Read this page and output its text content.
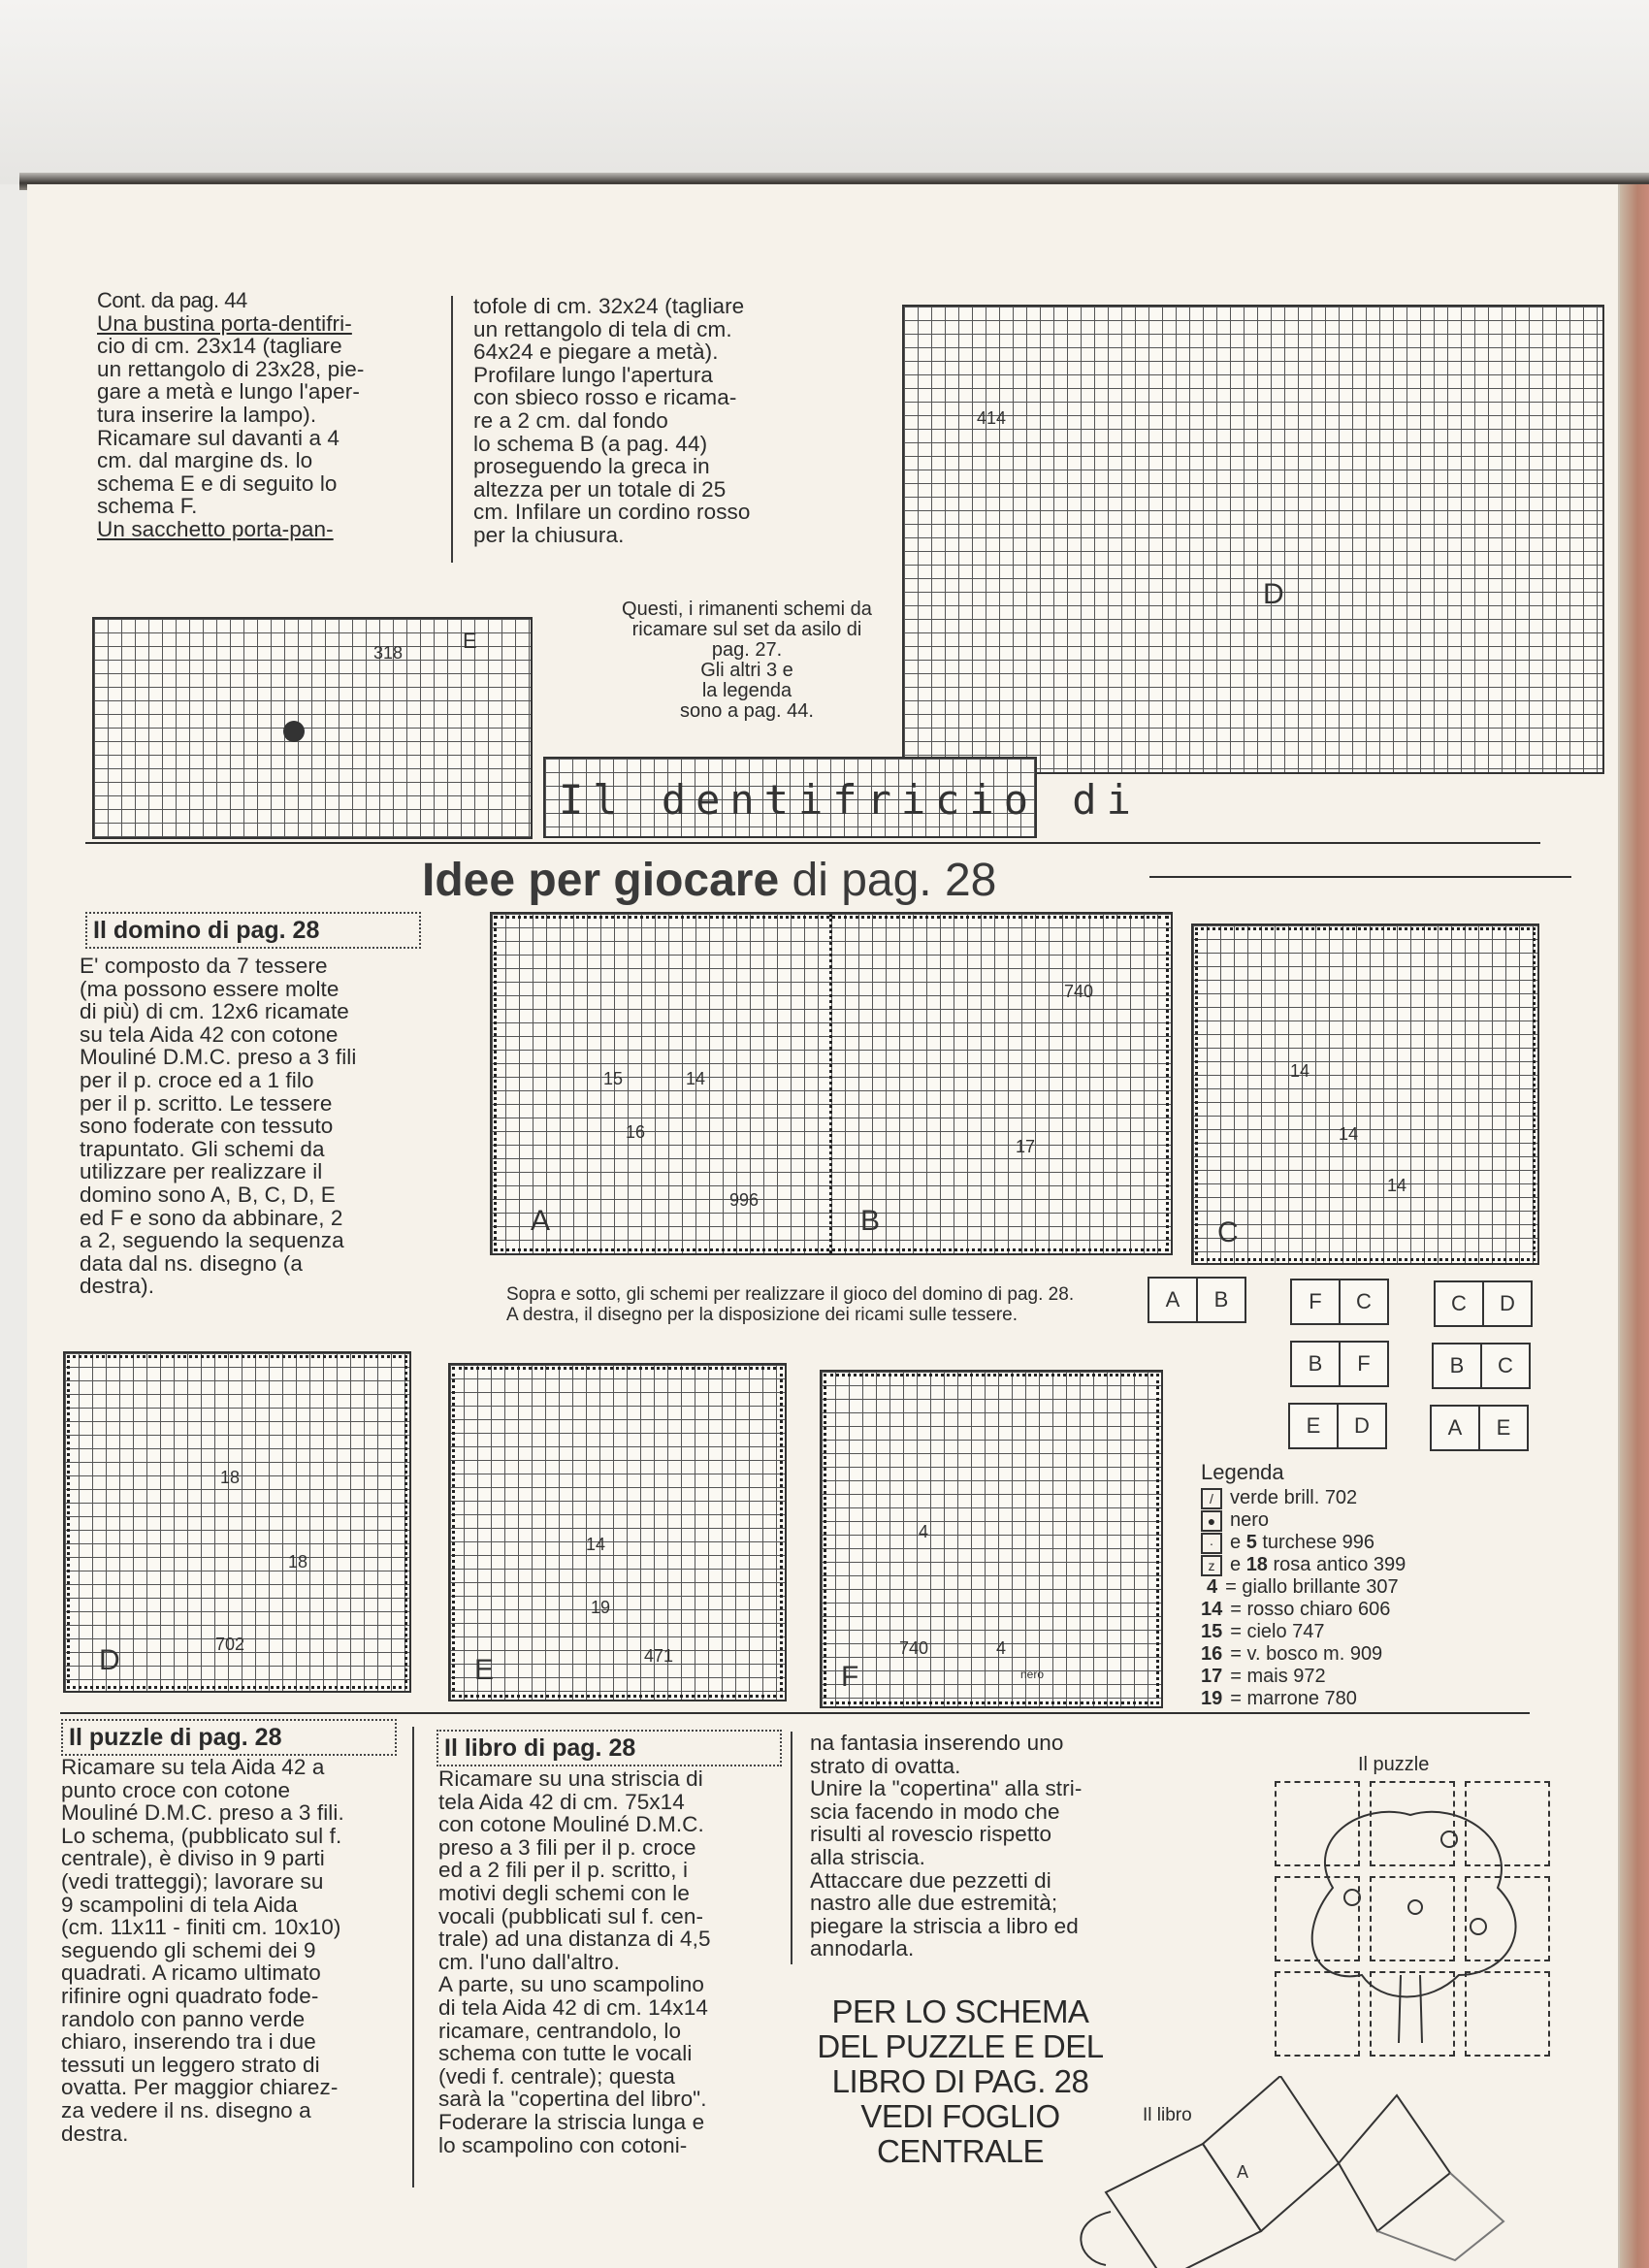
Cont. da pag. 44
Una bustina porta-dentifri-
cio di cm. 23x14 (tagliare
un rettangolo di 23x28, pie-
gare a metà e lungo l'aper-
tura inserire la lampo).
Ricamare sul davanti a 4
cm. dal margine ds. lo
schema E e di seguito lo
schema F.
Un sacchetto porta-pan-
tofole di cm. 32x24 (tagliare
un rettangolo di tela di cm.
64x24 e piegare a metà).
Profilare lungo l'apertura
con sbieco rosso e ricama-
re a 2 cm. dal fondo
lo schema B (a pag. 44)
proseguendo la greca in
altezza per un totale di 25
cm. Infilare un cordino rosso
per la chiusura.
Questi, i rimanenti schemi da
ricamare sul set da asilo di
pag. 27.
Gli altri 3 e
la legenda
sono a pag. 44.
318	E
414
D
Il dentifricio di
Idee per giocare di pag. 28
Il domino di pag. 28
E' composto da 7 tessere
(ma possono essere molte
di più) di cm. 12x6 ricamate
su tela Aida 42 con cotone
Mouliné D.M.C. preso a 3 fili
per il p. croce ed a 1 filo
per il p. scritto. Le tessere
sono foderate con tessuto
trapuntato. Gli schemi da
utilizzare per realizzare il
domino sono A, B, C, D, E
ed F e sono da abbinare, 2
a 2, seguendo la sequenza
data dal ns. disegno (a
destra).
A
15	14
16
996
B
740
17
C
14
14
14
Sopra e sotto, gli schemi per realizzare il gioco del domino di pag. 28.
A destra, il disegno per la disposizione dei ricami sulle tessere.
A	B	F	C	C	D
B	F	B	C
E	D	A	E
D
18
18
702
E
14
19
471
F
4
4
740
nero
Legenda
/ verde brill. 702
● nero
· e 5 turchese 996
z e 18 rosa antico 399
4 = giallo brillante 307
14 = rosso chiaro 606
15 = cielo 747
16 = v. bosco m. 909
17 = mais 972
19 = marrone 780
Il puzzle di pag. 28
Ricamare su tela Aida 42 a
punto croce con cotone
Mouliné D.M.C. preso a 3 fili.
Lo schema, (pubblicato sul f.
centrale), è diviso in 9 parti
(vedi tratteggi); lavorare su
9 scampolini di tela Aida
(cm. 11x11 - finiti cm. 10x10)
seguendo gli schemi dei 9
quadrati. A ricamo ultimato
rifinire ogni quadrato fode-
randolo con panno verde
chiaro, inserendo tra i due
tessuti un leggero strato di
ovatta. Per maggior chiarez-
za vedere il ns. disegno a
destra.
Il libro di pag. 28
Ricamare su una striscia di
tela Aida 42 di cm. 75x14
con cotone Mouliné D.M.C.
preso a 3 fili per il p. croce
ed a 2 fili per il p. scritto, i
motivi degli schemi con le
vocali (pubblicati sul f. cen-
trale) ad una distanza di 4,5
cm. l'uno dall'altro.
A parte, su uno scampolino
di tela Aida 42 di cm. 14x14
ricamare, centrandolo, lo
schema con tutte le vocali
(vedi f. centrale); questa
sarà la "copertina del libro".
Foderare la striscia lunga e
lo scampolino con cotoni-
na fantasia inserendo uno
strato di ovatta.
Unire la "copertina" alla stri-
scia facendo in modo che
risulti al rovescio rispetto
alla striscia.
Attaccare due pezzetti di
nastro alle due estremità;
piegare la striscia a libro ed
annodarla.
PER LO SCHEMA
DEL PUZZLE E DEL
LIBRO DI PAG. 28
VEDI FOGLIO
CENTRALE
Il puzzle
Il libro
A
